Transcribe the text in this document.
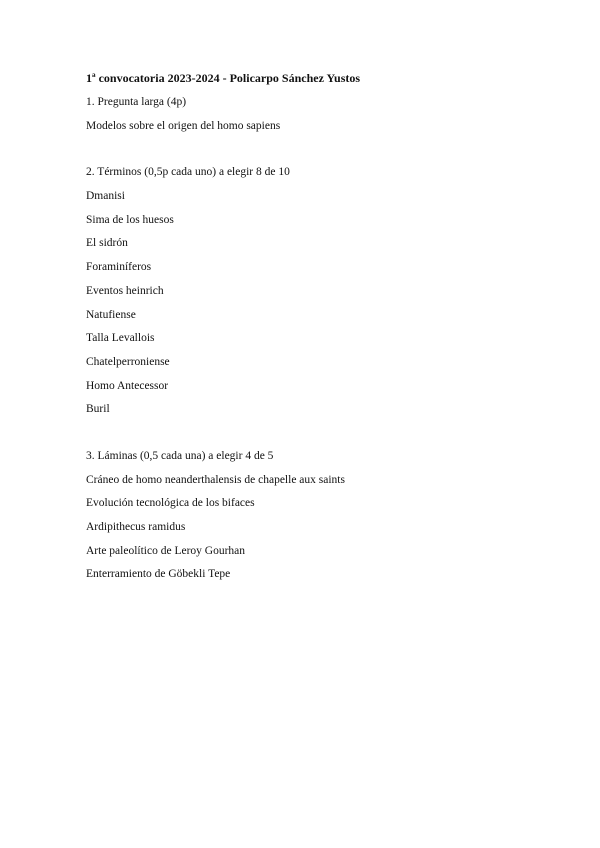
1ª convocatoria 2023-2024 - Policarpo Sánchez Yustos
1. Pregunta larga (4p)
Modelos sobre el origen del homo sapiens
2. Términos (0,5p cada uno) a elegir 8 de 10
Dmanisi
Sima de los huesos
El sidrón
Foraminíferos
Eventos heinrich
Natufiense
Talla Levallois
Chatelperroniense
Homo Antecessor
Buril
3. Láminas (0,5 cada una) a elegir 4 de 5
Cráneo de homo neanderthalensis de chapelle aux saints
Evolución tecnológica de los bifaces
Ardipithecus ramidus
Arte paleolítico de Leroy Gourhan
Enterramiento de Göbekli Tepe
